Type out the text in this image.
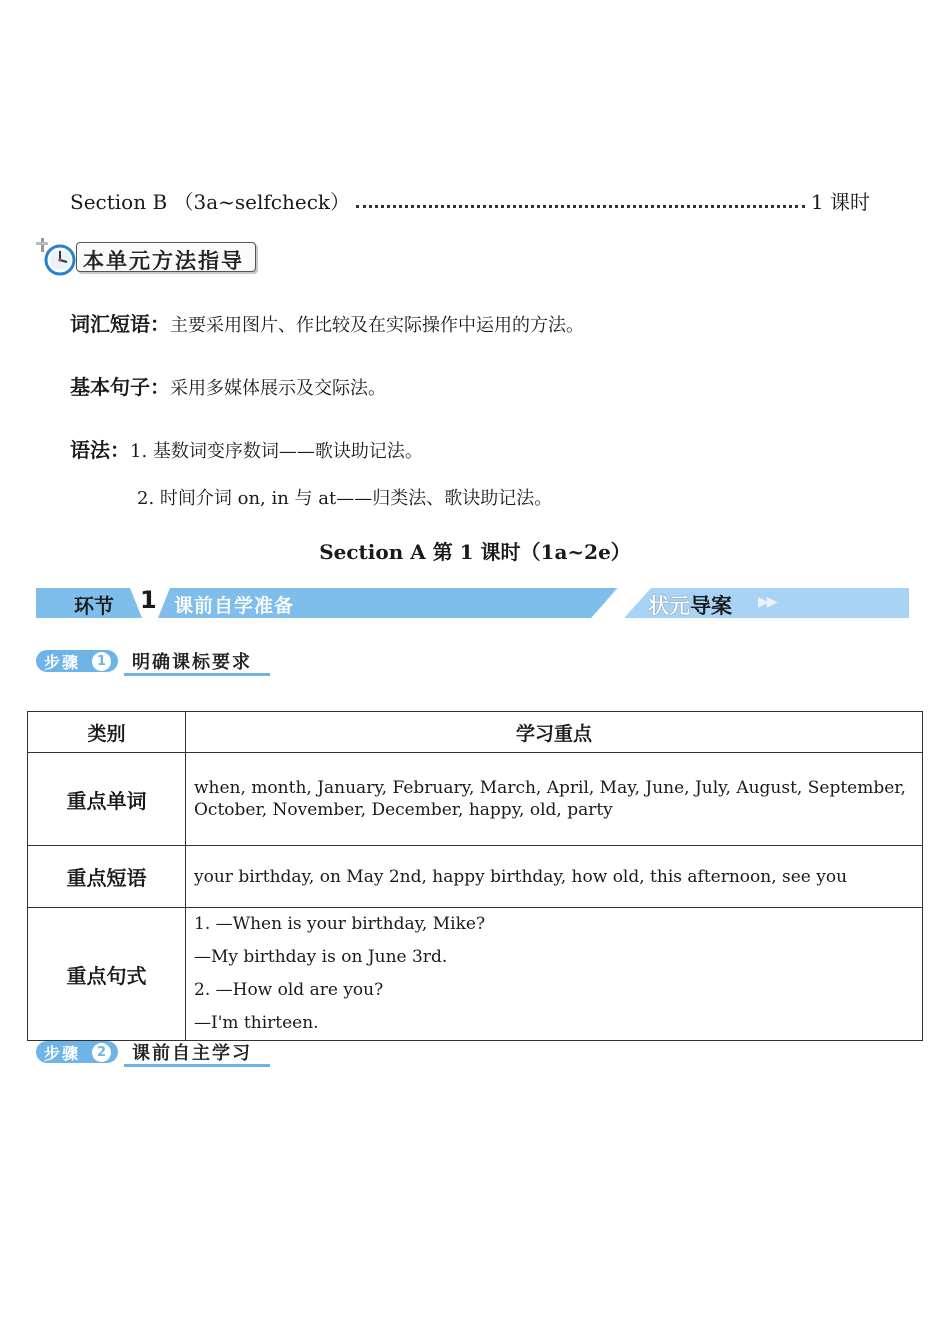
Section B （3a~selfcheck）	1 课时
本单元方法指导
词汇短语：主要采用图片、作比较及在实际操作中运用的方法。
基本句子：采用多媒体展示及交际法。
语法：1. 基数词变序数词——歌诀助记法。
2. 时间介词 on, in 与 at——归类法、歌诀助记法。
Section A 第 1 课时（1a~2e）
环节 1 课前自学准备	状元导案 ▶▶
步骤	1 明确课标要求
类别	学习重点
重点单词	when, month, January, February, March, April, May, June, July, August, September, October, November, December, happy, old, party
重点短语	your birthday, on May 2nd, happy birthday, how old, this afternoon, see you
重点句式	1. —When is your birthday, Mike?
—My birthday is on June 3rd.
2. —How old are you?
—I'm thirteen.
步骤	2 课前自主学习
